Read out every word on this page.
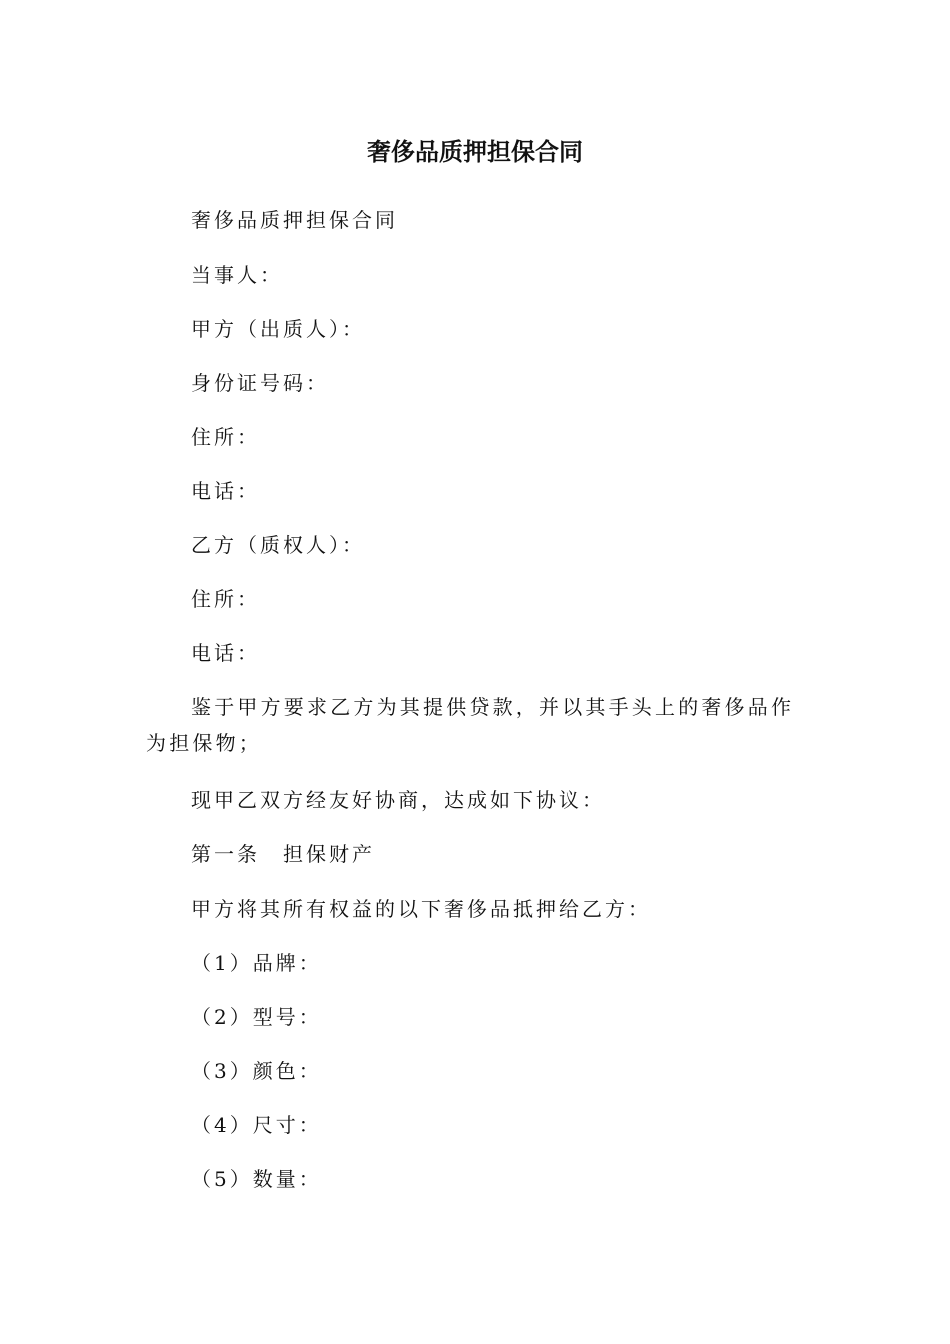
奢侈品质押担保合同
奢侈品质押担保合同
当事人：
甲方（出质人）：
身份证号码：
住所：
电话：
乙方（质权人）：
住所：
电话：
鉴于甲方要求乙方为其提供贷款，并以其手头上的奢侈品作为担保物；
现甲乙双方经友好协商，达成如下协议：
第一条　担保财产
甲方将其所有权益的以下奢侈品抵押给乙方：
（1）品牌：
（2）型号：
（3）颜色：
（4）尺寸：
（5）数量：
